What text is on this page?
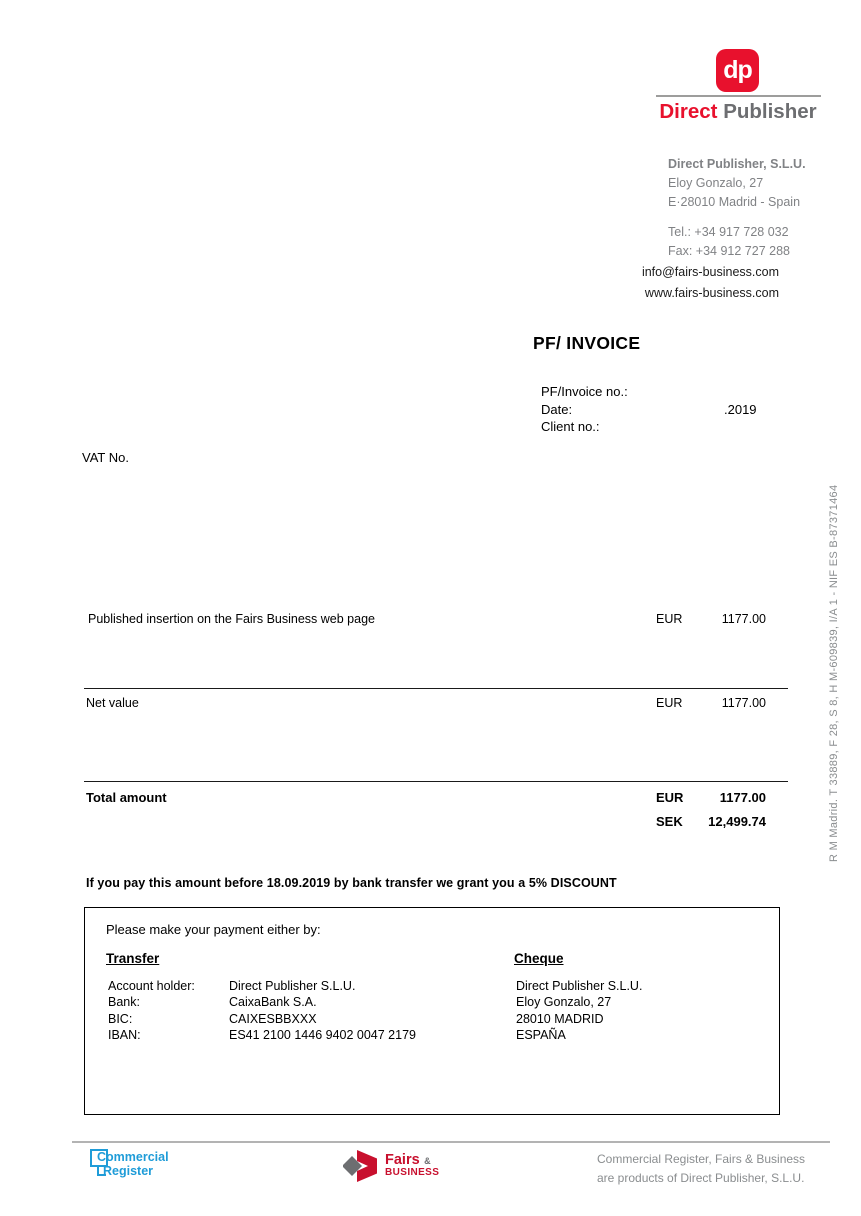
dp
Direct Publisher
Direct Publisher, S.L.U.
Eloy Gonzalo, 27
E·28010 Madrid - Spain
Tel.: +34 917 728 032
Fax: +34 912 727 288
info@fairs-business.com
www.fairs-business.com
PF/ INVOICE
PF/Invoice no.:
Date:	.2019
Client no.:
VAT No.
Published insertion on the Fairs Business web page	EUR	1177.00
Net value	EUR	1177.00
Total amount	EUR	1177.00
SEK	12,499.74
If you pay this amount before 18.09.2019 by bank transfer we grant you a 5% DISCOUNT
Please make your payment either by:
Transfer
Account holder:	Direct Publisher S.L.U.
Bank:	CaixaBank S.A.
BIC:	CAIXESBBXXX
IBAN:	ES41 2100 1446 9402 0047 2179
Cheque
Direct Publisher S.L.U.
Eloy Gonzalo, 27
28010 MADRID
ESPAÑA
Commercial
Register
Fairs &
BUSINESS
Commercial Register, Fairs & Business
are products of Direct Publisher, S.L.U.
R M Madrid. T 33889, F 28, S 8, H M-609839, I/A 1 - NIF ES B-87371464
